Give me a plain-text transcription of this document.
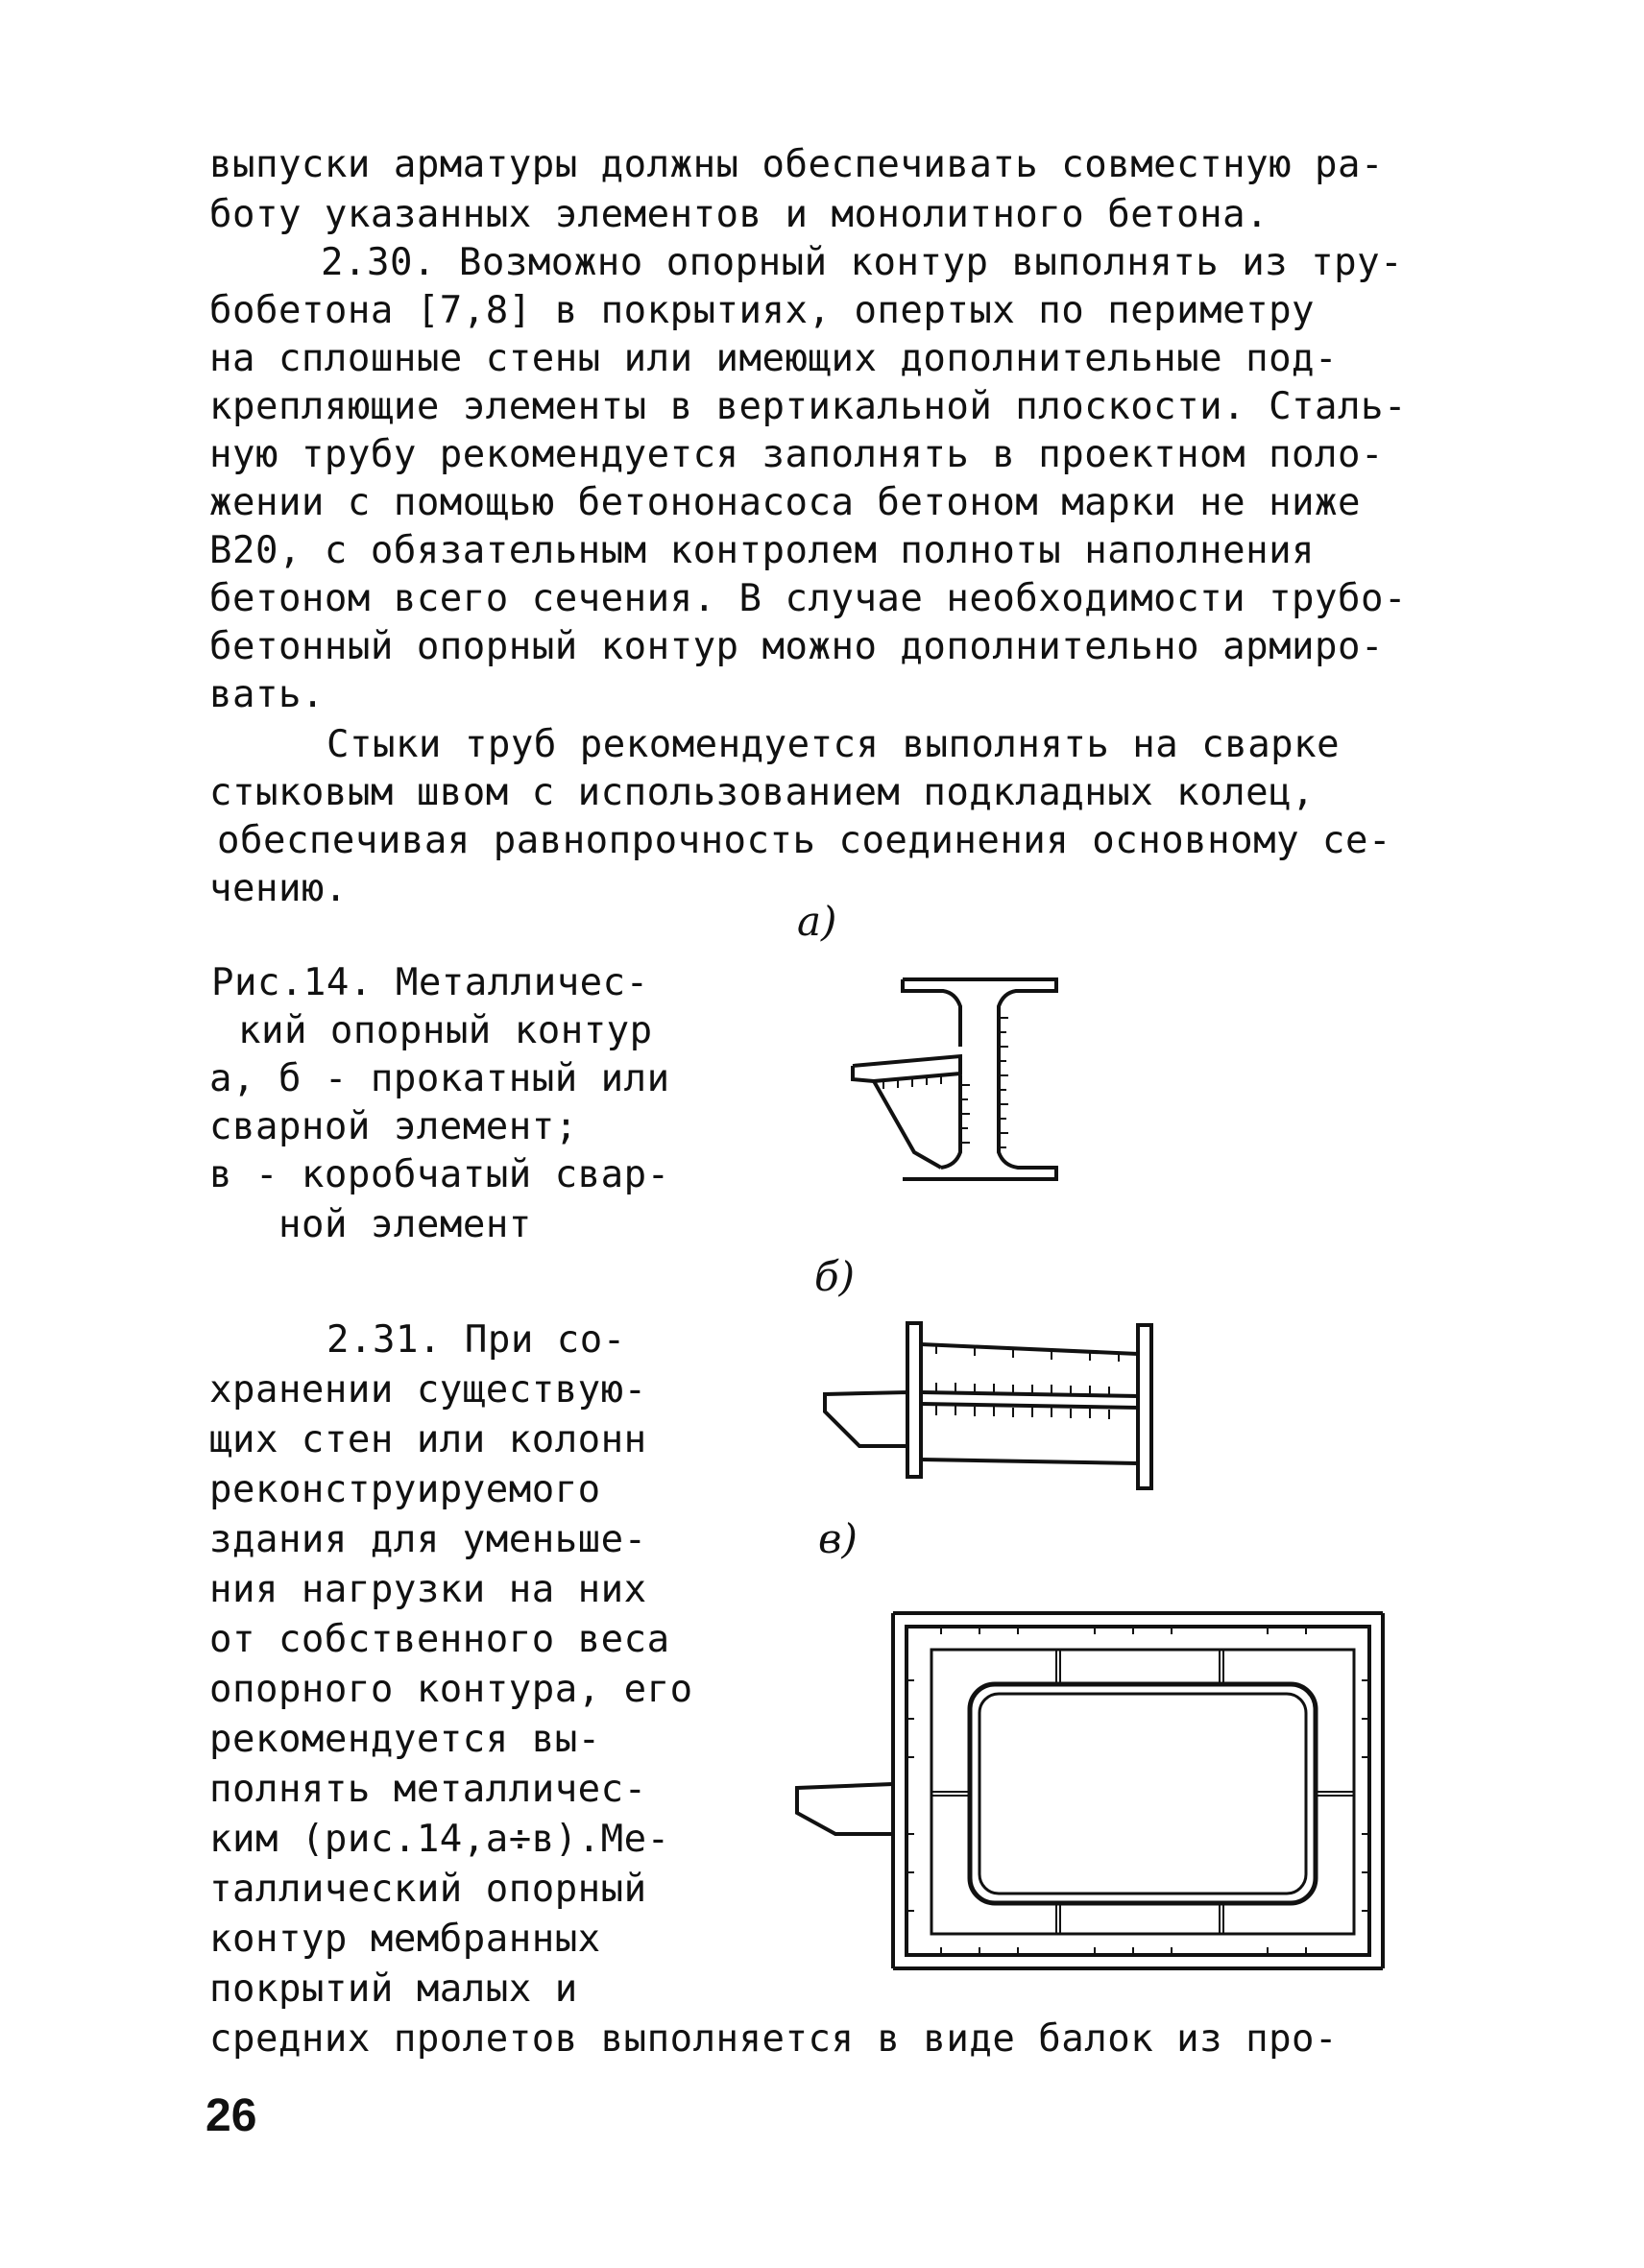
выпуски арматуры должны обеспечивать совместную ра-
боту указанных элементов и монолитного бетона.
2.30. Возможно опорный контур выполнять из тру-
бобетона [7,8] в покрытиях, опертых по периметру
на сплошные стены или имеющих дополнительные под-
крепляющие элементы в вертикальной плоскости. Сталь-
ную трубу рекомендуется заполнять в проектном поло-
жении с помощью бетононасоса бетоном марки не ниже
В20, с обязательным контролем полноты наполнения
бетоном всего сечения. В случае необходимости трубо-
бетонный опорный контур можно дополнительно армиро-
вать.
Стыки труб рекомендуется выполнять на сварке
стыковым швом с использованием подкладных колец,
обеспечивая равнопрочность соединения основному се-
чению.
Рис.14. Металличес-
кий опорный контур
а, б - прокатный или
сварной элемент;
в - коробчатый свар-
ной элемент
а)
б)
в)
2.31. При со-
хранении существую-
щих стен или колонн
реконструируемого
здания для уменьше-
ния нагрузки на них
от собственного веса
опорного контура, его
рекомендуется вы-
полнять металличес-
ким (рис.14,а÷в).Ме-
таллический опорный
контур мембранных
покрытий малых и
средних пролетов выполняется в виде балок из про-
26
